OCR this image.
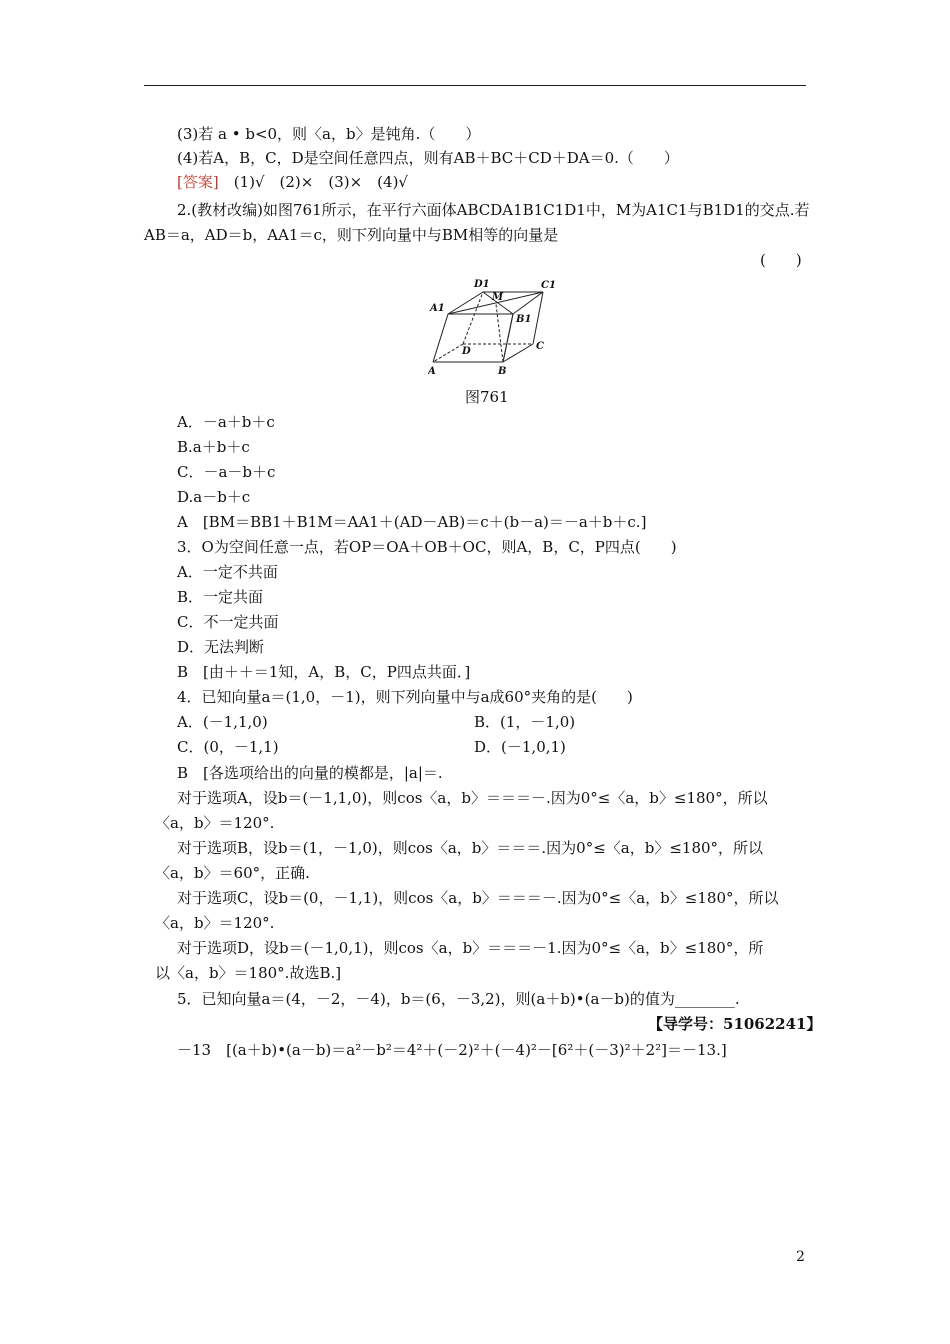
(3)若 a • b<0，则〈a，b〉是钝角.（　　）
(4)若A，B，C，D是空间任意四点，则有AB＋BC＋CD＋DA＝0.（　　）
[答案]　 (1)√　(2)×　(3)×　(4)√
2.(教材改编)如图761所示，在平行六面体ABCDA1B1C1D1中，M为A1C1与B1D1的交点.若
AB＝a，AD＝b，AA1＝c，则下列向量中与BM相等的向量是
(　　)
A	B
C
D
A1
B1
C1
D1
M
图761
A．－a＋b＋c
B.a＋b＋c
C．－a－b＋c
D.a－b＋c
A　[BM＝BB1＋B1M＝AA1＋(AD－AB)＝c＋(b－a)＝－a＋b＋c.]
3．O为空间任意一点，若OP＝OA＋OB＋OC，则A，B，C，P四点(　　)
A．一定不共面
B．一定共面
C．不一定共面
D．无法判断
B　[由＋＋＝1知，A，B，C，P四点共面．]
4．已知向量a＝(1,0，－1)，则下列向量中与a成60°夹角的是(　　)
A．(－1,1,0)	B．(1，－1,0)
C．(0，－1,1)	D．(－1,0,1)
B　[各选项给出的向量的模都是，|a|＝.
对于选项A，设b＝(－1,1,0)，则cos〈a，b〉＝＝＝－.因为0°≤〈a，b〉≤180°，所以
〈a，b〉＝120°.
对于选项B，设b＝(1，－1,0)，则cos〈a，b〉＝＝＝.因为0°≤〈a，b〉≤180°，所以
〈a，b〉＝60°，正确.
对于选项C，设b＝(0，－1,1)，则cos〈a，b〉＝＝＝－.因为0°≤〈a，b〉≤180°，所以
〈a，b〉＝120°.
对于选项D，设b＝(－1,0,1)，则cos〈a，b〉＝＝＝－1.因为0°≤〈a，b〉≤180°，所
以〈a，b〉＝180°.故选B.]
5．已知向量a＝(4，－2，－4)，b＝(6，－3,2)，则(a＋b)•(a－b)的值为________.
【导学号：51062241】
－13　[(a＋b)•(a－b)＝a²－b²＝4²＋(－2)²＋(－4)²－[6²＋(－3)²＋2²]＝－13.]
2
